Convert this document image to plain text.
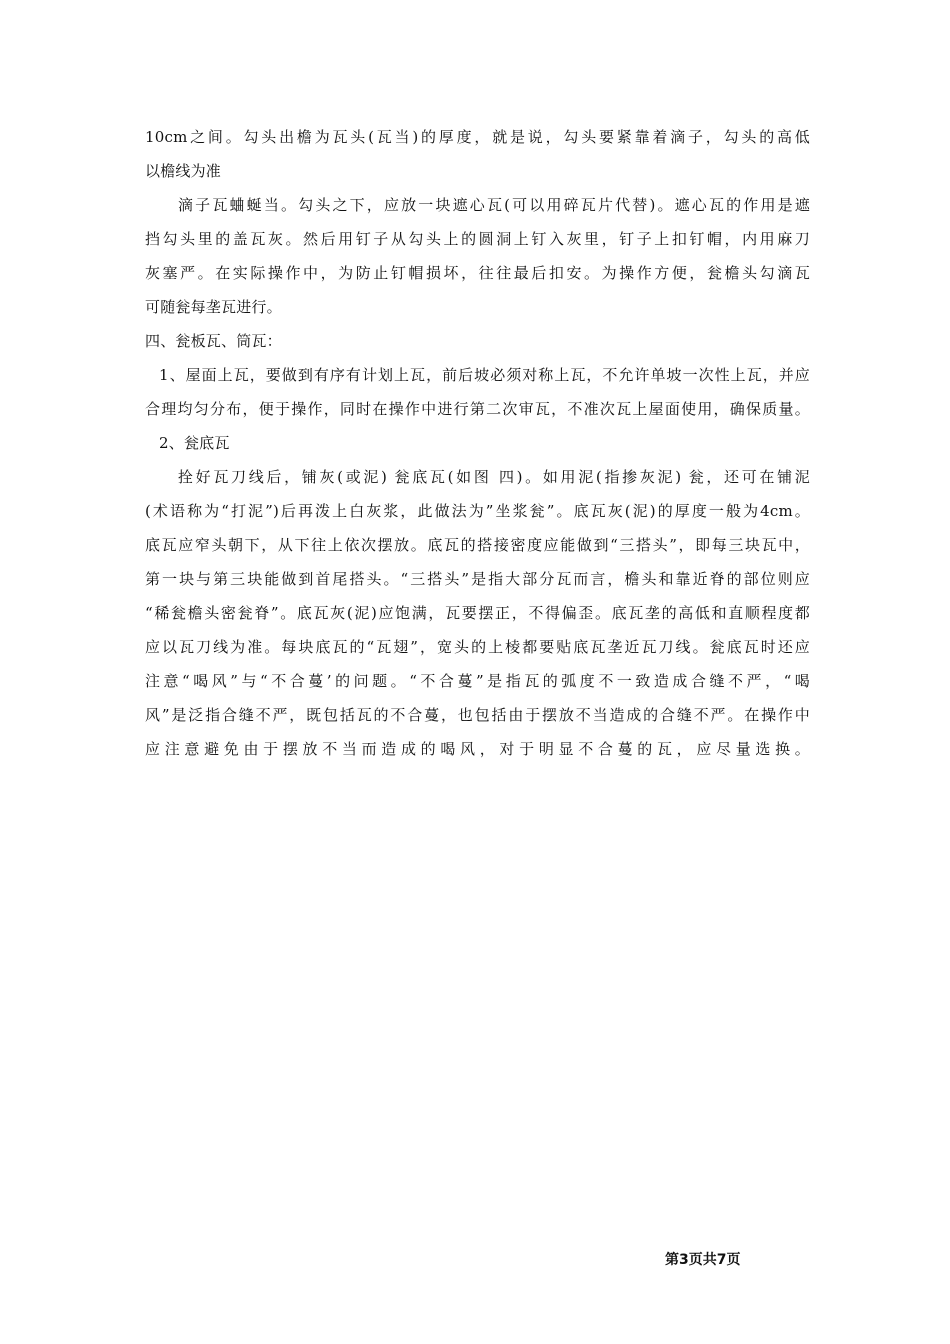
10cm之间。勾头出檐为瓦头(瓦当)的厚度，就是说，勾头要紧靠着滴子，勾头的高低
以檐线为准
滴子瓦蛐蜒当。勾头之下，应放一块遮心瓦(可以用碎瓦片代替)。遮心瓦的作用是遮
挡勾头里的盖瓦灰。然后用钉子从勾头上的圆洞上钉入灰里，钉子上扣钉帽，内用麻刀
灰塞严。在实际操作中，为防止钉帽损坏，往往最后扣安。为操作方便，瓮檐头勾滴瓦
可随瓮每垄瓦进行。
四、瓮板瓦、筒瓦：
1、屋面上瓦，要做到有序有计划上瓦，前后坡必须对称上瓦，不允许单坡一次性上瓦，并应
合理均匀分布，便于操作，同时在操作中进行第二次审瓦，不准次瓦上屋面使用，确保质量。
2、瓮底瓦
拴好瓦刀线后，铺灰(或泥) 瓮底瓦(如图 四)。如用泥(指掺灰泥) 瓮，还可在铺泥
(术语称为“打泥”)后再泼上白灰浆，此做法为”坐浆瓮”。底瓦灰(泥)的厚度一般为4cm。
底瓦应窄头朝下，从下往上依次摆放。底瓦的搭接密度应能做到“三搭头”，即每三块瓦中，
第一块与第三块能做到首尾搭头。“三搭头”是指大部分瓦而言，檐头和靠近脊的部位则应
“稀瓮檐头密瓮脊”。底瓦灰(泥)应饱满，瓦要摆正，不得偏歪。底瓦垄的高低和直顺程度都
应以瓦刀线为准。每块底瓦的“瓦翅”，宽头的上棱都要贴底瓦垄近瓦刀线。瓮底瓦时还应
注意“喝风”与“不合蔓’的问题。“不合蔓”是指瓦的弧度不一致造成合缝不严，“喝
风”是泛指合缝不严，既包括瓦的不合蔓，也包括由于摆放不当造成的合缝不严。在操作中
应注意避免由于摆放不当而造成的喝风，对于明显不合蔓的瓦，应尽量选换。
第3页共7页
